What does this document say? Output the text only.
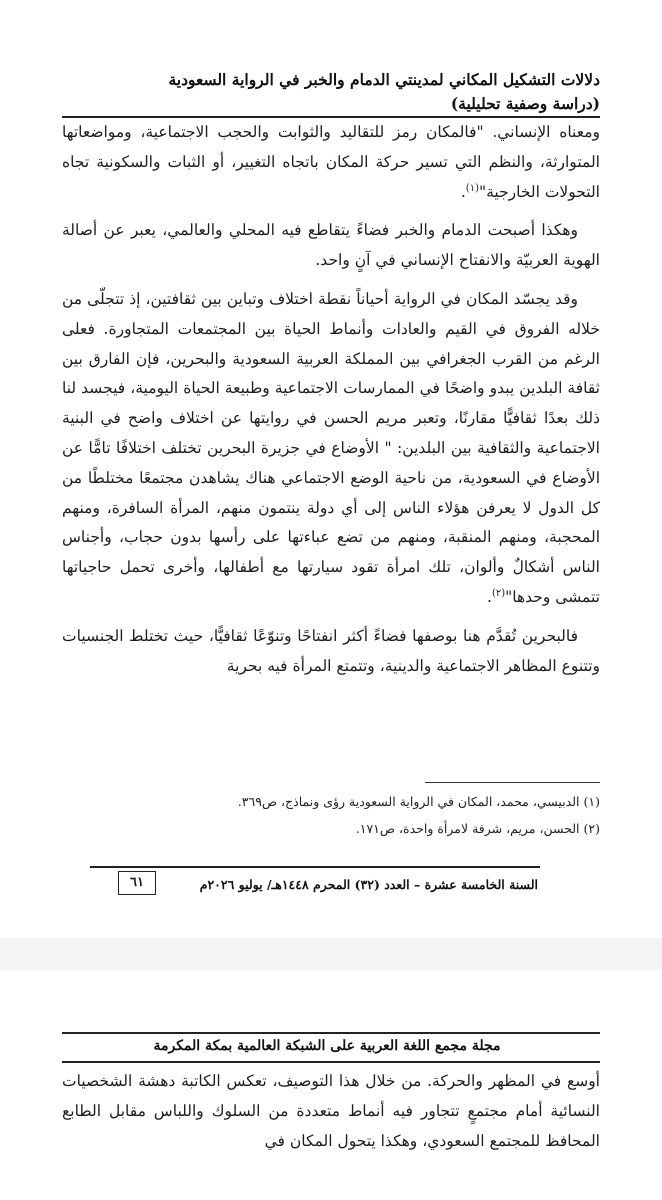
دلالات التشكيل المكاني لمدينتي الدمام والخبر في الرواية السعودية
(دراسة وصفية تحليلية)

ومعناه الإنساني. "فالمكان رمز للتقاليد والثوابت والحجب الاجتماعية، ومواضعاتها المتوارثة، والنظم التي تسير حركة المكان باتجاه التغيير، أو الثبات والسكونية تجاه التحولات الخارجية"$^{(١)}$.

وهكذا أصبحت الدمام والخبر فضاءً يتقاطع فيه المحلي والعالمي، يعبر عن أصالة الهوية العربيّة والانفتاح الإنساني في آنٍ واحد.

وقد يجسّد المكان في الرواية أحياناً نقطة اختلاف وتباين بين ثقافتين، إذ تتجلّى من خلاله الفروق في القيم والعادات وأنماط الحياة بين المجتمعات المتجاورة. فعلى الرغم من القرب الجغرافي بين المملكة العربية السعودية والبحرين، فإن الفارق بين ثقافة البلدين يبدو واضحًا في الممارسات الاجتماعية وطبيعة الحياة اليومية، فيجسد لنا ذلك بعدًا ثقافيًّا مقارنًا، وتعبر مريم الحسن في روايتها عن اختلاف واضح في البنية الاجتماعية والثقافية بين البلدين: " الأوضاع في جزيرة البحرين تختلف اختلافًا تامًّا عن الأوضاع في السعودية، من ناحية الوضع الاجتماعي هناك يشاهدن مجتمعًا مختلطًا من كل الدول لا يعرفن هؤلاء الناس إلى أي دولة ينتمون منهم، المرأة السافرة، ومنهم المحجبة، ومنهم المنقبة، ومنهم من تضع عباءتها على رأسها بدون حجاب، وأجناس الناس أشكالٌ وألوان، تلك امرأة تقود سيارتها مع أطفالها، وأخرى تحمل حاجياتها تتمشى وحدها"$^{(٢)}$.

فالبحرين تُقدَّم هنا بوصفها فضاءً أكثر انفتاحًا وتنوّعًا ثقافيًّا، حيث تختلط الجنسيات وتتنوع المظاهر الاجتماعية والدينية، وتتمتع المرأة فيه بحرية

(١) الدبيسي، محمد، المكان في الرواية السعودية رؤى ونماذج، ص٣٦٩.
(٢) الحسن، مريم، شرفة لامرأة واحدة، ص١٧١.
السنة الخامسة عشرة – العدد (٣٢) المحرم ١٤٤٨هـ/ يوليو ٢٠٢٦م
٦١
مجلة مجمع اللغة العربية على الشبكة العالمية بمكة المكرمة

أوسع في المظهر والحركة. من خلال هذا التوصيف، تعكس الكاتبة دهشة الشخصيات النسائية أمام مجتمعٍ تتجاور فيه أنماط متعددة من السلوك واللباس مقابل الطابع المحافظ للمجتمع السعودي، وهكذا يتحول المكان في
